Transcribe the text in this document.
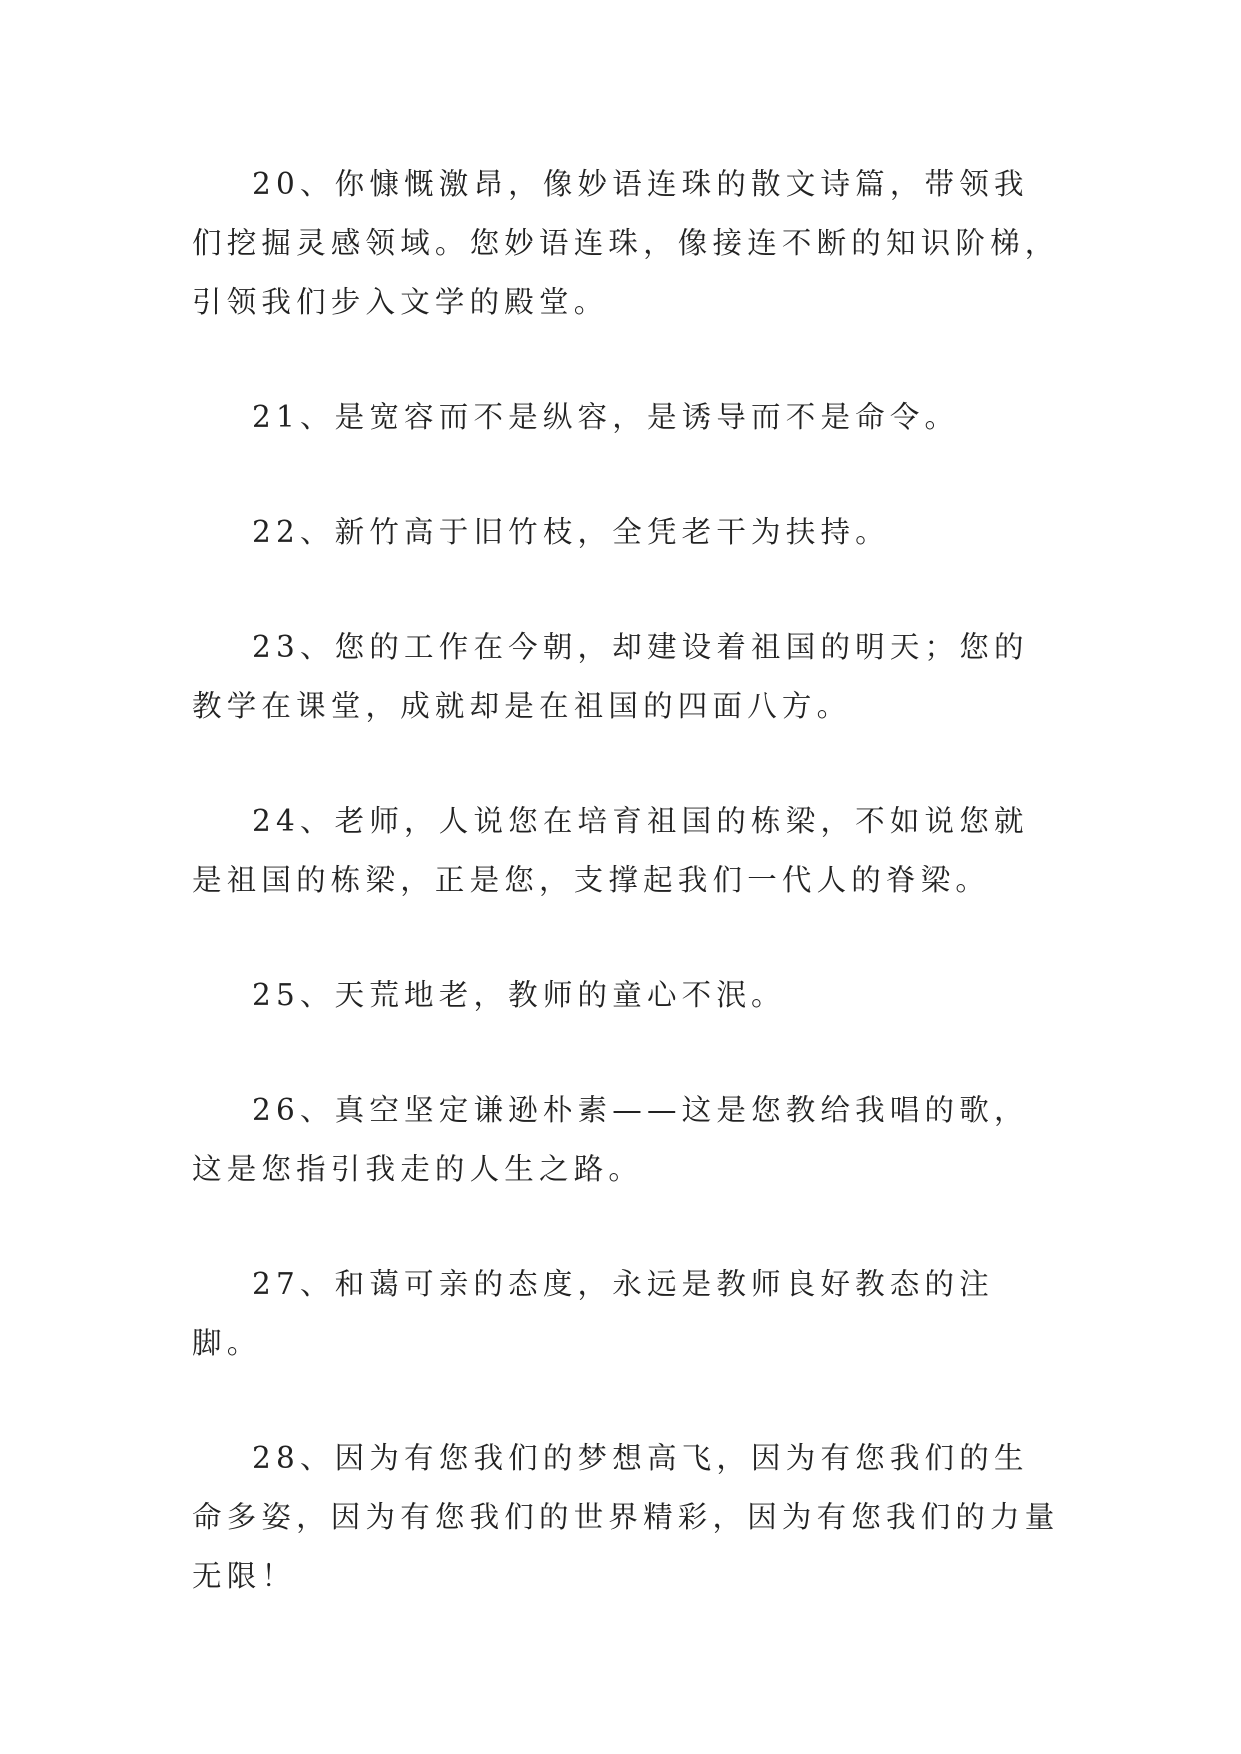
20、你慷慨激昂，像妙语连珠的散文诗篇，带领我们挖掘灵感领域。您妙语连珠，像接连不断的知识阶梯，引领我们步入文学的殿堂。

21、是宽容而不是纵容，是诱导而不是命令。

22、新竹高于旧竹枝，全凭老干为扶持。

23、您的工作在今朝，却建设着祖国的明天；您的教学在课堂，成就却是在祖国的四面八方。

24、老师，人说您在培育祖国的栋梁，不如说您就是祖国的栋梁，正是您，支撑起我们一代人的脊梁。

25、天荒地老，教师的童心不泯。

26、真空坚定谦逊朴素——这是您教给我唱的歌，这是您指引我走的人生之路。

27、和蔼可亲的态度，永远是教师良好教态的注脚。

28、因为有您我们的梦想高飞，因为有您我们的生命多姿，因为有您我们的世界精彩，因为有您我们的力量无限！
